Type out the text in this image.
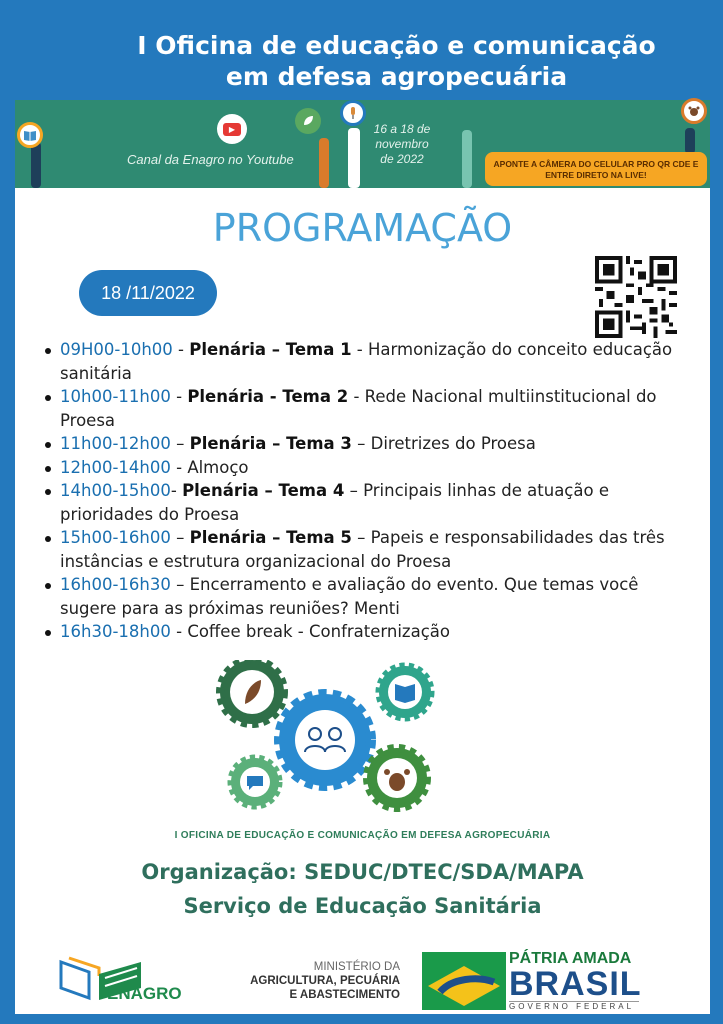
I Oficina de educação e comunicação
em defesa agropecuária
▶
Canal da Enagro no Youtube
16 a 18 de novembro de 2022	APONTE A CÂMERA DO CELULAR PRO QR CDE E ENTRE DIRETO NA LIVE!
PROGRAMAÇÃO
18 /11/2022
09H00-10h00 - Plenária – Tema 1 - Harmonização do conceito educação sanitária
10h00-11h00 - Plenária - Tema 2 - Rede Nacional multiinstitucional do Proesa
11h00-12h00 – Plenária – Tema 3 – Diretrizes do Proesa
12h00-14h00 - Almoço
14h00-15h00- Plenária – Tema 4 – Principais linhas de atuação e prioridades do Proesa
15h00-16h00 – Plenária – Tema 5 – Papeis e responsabilidades das três instâncias e estrutura organizacional do Proesa
16h00-16h30 – Encerramento e avaliação do evento. Que temas você sugere para as próximas reuniões? Menti
16h30-18h00 - Coffee break - Confraternização
I OFICINA DE EDUCAÇÃO E COMUNICAÇÃO EM DEFESA AGROPECUÁRIA
Organização: SEDUC/DTEC/SDA/MAPA
Serviço de Educação Sanitária
ENAGRO
MINISTÉRIO DA
AGRICULTURA, PECUÁRIA
E ABASTECIMENTO
PÁTRIA AMADA
BRASIL
GOVERNO FEDERAL
